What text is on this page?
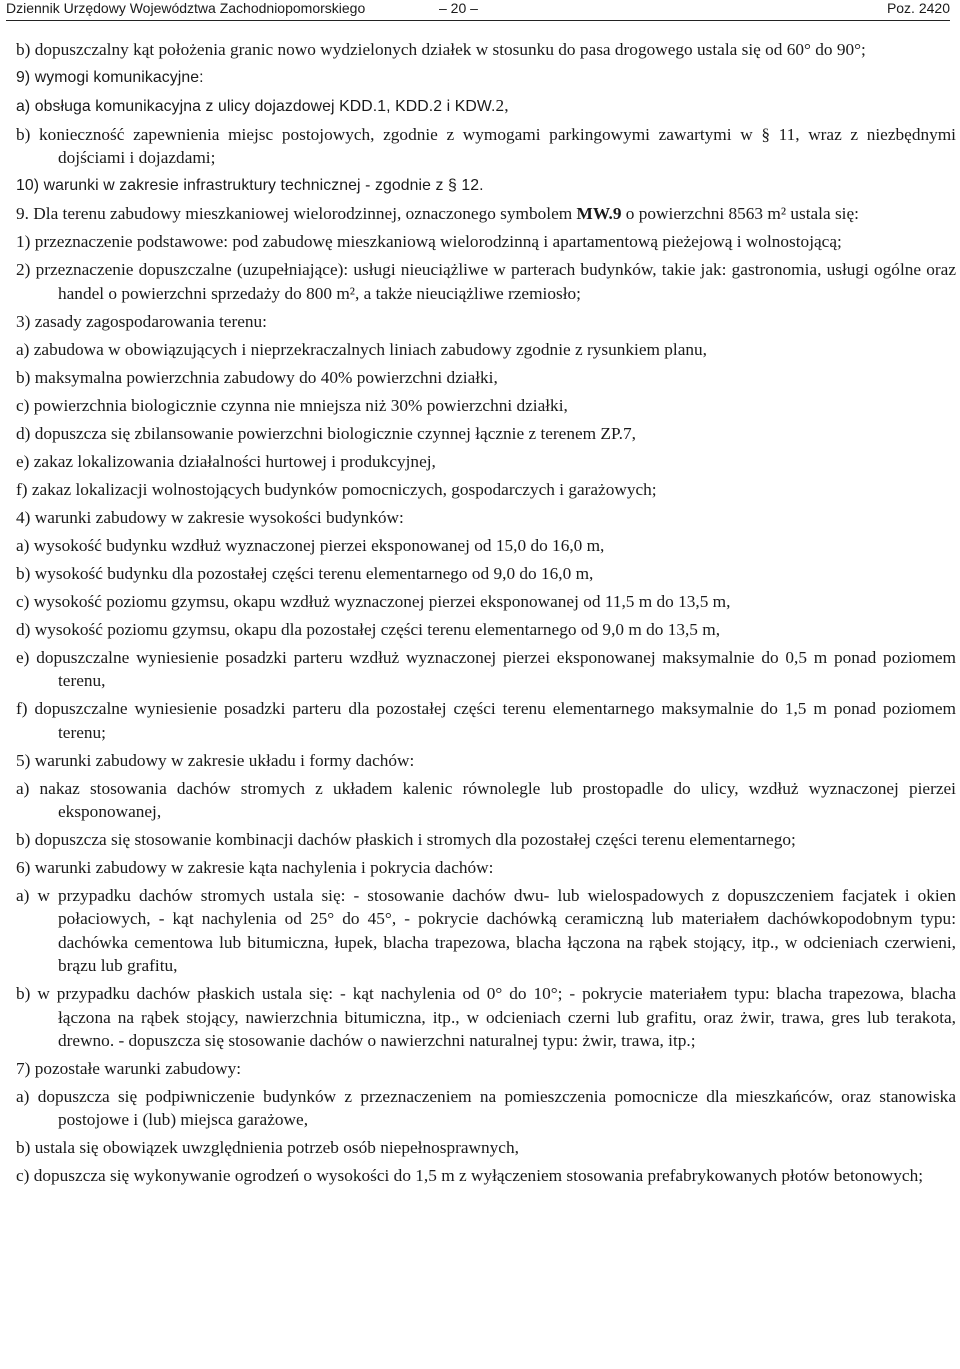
Dziennik Urzędowy Województwa Zachodniopomorskiego	– 20 –	Poz. 2420

b) dopuszczalny kąt położenia granic nowo wydzielonych działek w stosunku do pasa drogowego ustala się od 60° do 90°;

9) wymogi komunikacyjne:

a) obsługa komunikacyjna z ulicy dojazdowej KDD.1, KDD.2 i KDW.2,

b) konieczność zapewnienia miejsc postojowych, zgodnie z wymogami parkingowymi zawartymi w § 11, wraz z niezbędnymi dojściami i dojazdami;

10) warunki w zakresie infrastruktury technicznej - zgodnie z § 12.

9. Dla terenu zabudowy mieszkaniowej wielorodzinnej, oznaczonego symbolem MW.9 o powierzchni 8563 m² ustala się:

1) przeznaczenie podstawowe: pod zabudowę mieszkaniową wielorodzinną i apartamentową pieżejową i wolnostojącą;

2) przeznaczenie dopuszczalne (uzupełniające): usługi nieuciążliwe w parterach budynków, takie jak: gastronomia, usługi ogólne oraz handel o powierzchni sprzedaży do 800 m², a także nieuciążliwe rzemiosło;

3) zasady zagospodarowania terenu:

a) zabudowa w obowiązujących i nieprzekraczalnych liniach zabudowy zgodnie z rysunkiem planu,

b) maksymalna powierzchnia zabudowy do 40% powierzchni działki,

c) powierzchnia biologicznie czynna nie mniejsza niż 30% powierzchni działki,

d) dopuszcza się zbilansowanie powierzchni biologicznie czynnej łącznie z terenem ZP.7,

e) zakaz lokalizowania działalności hurtowej i produkcyjnej,

f) zakaz lokalizacji wolnostojących budynków pomocniczych, gospodarczych i garażowych;

4) warunki zabudowy w zakresie wysokości budynków:

a) wysokość budynku wzdłuż wyznaczonej pierzei eksponowanej od 15,0 do 16,0 m,

b) wysokość budynku dla pozostałej części terenu elementarnego od 9,0 do 16,0 m,

c) wysokość poziomu gzymsu, okapu wzdłuż wyznaczonej pierzei eksponowanej od 11,5 m do 13,5 m,

d) wysokość poziomu gzymsu, okapu dla pozostałej części terenu elementarnego od 9,0 m do 13,5 m,

e) dopuszczalne wyniesienie posadzki parteru wzdłuż wyznaczonej pierzei eksponowanej maksymalnie do 0,5 m ponad poziomem terenu,

f) dopuszczalne wyniesienie posadzki parteru dla pozostałej części terenu elementarnego maksymalnie do 1,5 m ponad poziomem terenu;

5) warunki zabudowy w zakresie układu i formy dachów:

a) nakaz stosowania dachów stromych z układem kalenic równolegle lub prostopadle do ulicy, wzdłuż wyznaczonej pierzei eksponowanej,

b) dopuszcza się stosowanie kombinacji dachów płaskich i stromych dla pozostałej części terenu elementarnego;

6) warunki zabudowy w zakresie kąta nachylenia i pokrycia dachów:

a) w przypadku dachów stromych ustala się: - stosowanie dachów dwu- lub wielospadowych z dopuszczeniem facjatek i okien połaciowych, - kąt nachylenia od 25° do 45°, - pokrycie dachówką ceramiczną lub materiałem dachówkopodobnym typu: dachówka cementowa lub bitumiczna, łupek, blacha trapezowa, blacha łączona na rąbek stojący, itp., w odcieniach czerwieni, brązu lub grafitu,

b) w przypadku dachów płaskich ustala się: - kąt nachylenia od 0° do 10°; - pokrycie materiałem typu: blacha trapezowa, blacha łączona na rąbek stojący, nawierzchnia bitumiczna, itp., w odcieniach czerni lub grafitu, oraz żwir, trawa, gres lub terakota, drewno. - dopuszcza się stosowanie dachów o nawierzchni naturalnej typu: żwir, trawa, itp.;

7) pozostałe warunki zabudowy:

a) dopuszcza się podpiwniczenie budynków z przeznaczeniem na pomieszczenia pomocnicze dla mieszkańców, oraz stanowiska postojowe i (lub) miejsca garażowe,

b) ustala się obowiązek uwzględnienia potrzeb osób niepełnosprawnych,

c) dopuszcza się wykonywanie ogrodzeń o wysokości do 1,5 m z wyłączeniem stosowania prefabrykowanych płotów betonowych;
